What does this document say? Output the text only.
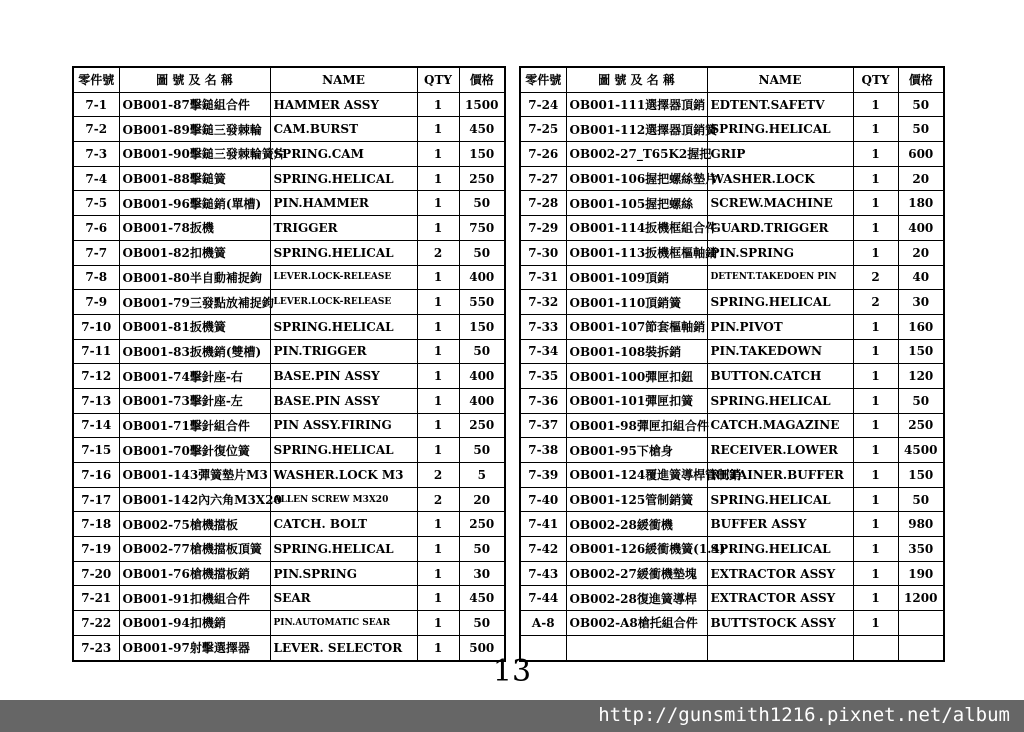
零件號	圖 號 及 名 稱	NAME	QTY	價格
7-1	OB001-87擊鎚組合件	HAMMER ASSY	1	1500
7-2	OB001-89擊鎚三發棘輪	CAM.BURST	1	450
7-3	OB001-90擊鎚三發棘輪簧片	SPRING.CAM	1	150
7-4	OB001-88擊鎚簧	SPRING.HELICAL	1	250
7-5	OB001-96擊鎚銷(單槽)	PIN.HAMMER	1	50
7-6	OB001-78扳機	TRIGGER	1	750
7-7	OB001-82扣機簧	SPRING.HELICAL	2	50
7-8	OB001-80半自動補捉鉤	LEVER.LOCK-RELEASE	1	400
7-9	OB001-79三發點放補捉鉤	LEVER.LOCK-RELEASE	1	550
7-10	OB001-81扳機簧	SPRING.HELICAL	1	150
7-11	OB001-83扳機銷(雙槽)	PIN.TRIGGER	1	50
7-12	OB001-74擊針座-右	BASE.PIN ASSY	1	400
7-13	OB001-73擊針座-左	BASE.PIN ASSY	1	400
7-14	OB001-71擊針組合件	PIN ASSY.FIRING	1	250
7-15	OB001-70擊針復位簧	SPRING.HELICAL	1	50
7-16	OB001-143彈簧墊片M3	WASHER.LOCK M3	2	5
7-17	OB001-142內六角M3X20	ALLEN SCREW M3X20	2	20
7-18	OB002-75槍機擋板	CATCH. BOLT	1	250
7-19	OB002-77槍機擋板頂簧	SPRING.HELICAL	1	50
7-20	OB001-76槍機擋板銷	PIN.SPRING	1	30
7-21	OB001-91扣機組合件	SEAR	1	450
7-22	OB001-94扣機銷	PIN.AUTOMATIC SEAR	1	50
7-23	OB001-97射擊選擇器	LEVER. SELECTOR	1	500
零件號	圖 號 及 名 稱	NAME	QTY	價格
7-24	OB001-111選擇器頂銷	EDTENT.SAFETV	1	50
7-25	OB001-112選擇器頂銷簧	SPRING.HELICAL	1	50
7-26	OB002-27_T65K2握把	GRIP	1	600
7-27	OB001-106握把螺絲墊片	WASHER.LOCK	1	20
7-28	OB001-105握把螺絲	SCREW.MACHINE	1	180
7-29	OB001-114扳機框組合件	GUARD.TRIGGER	1	400
7-30	OB001-113扳機框樞軸銷	PIN.SPRING	1	20
7-31	OB001-109頂銷	DETENT.TAKEDOEN PIN	2	40
7-32	OB001-110頂銷簧	SPRING.HELICAL	2	30
7-33	OB001-107節套樞軸銷	PIN.PIVOT	1	160
7-34	OB001-108裝拆銷	PIN.TAKEDOWN	1	150
7-35	OB001-100彈匣扣鈕	BUTTON.CATCH	1	120
7-36	OB001-101彈匣扣簧	SPRING.HELICAL	1	50
7-37	OB001-98彈匣扣組合件	CATCH.MAGAZINE	1	250
7-38	OB001-95下槍身	RECEIVER.LOWER	1	4500
7-39	OB001-124覆進簧導桿管制銷	RETAINER.BUFFER	1	150
7-40	OB001-125管制銷簧	SPRING.HELICAL	1	50
7-41	OB002-28緩衝機	BUFFER ASSY	1	980
7-42	OB001-126緩衝機簧(1.4)	SPRING.HELICAL	1	350
7-43	OB002-27緩衝機墊塊	EXTRACTOR ASSY	1	190
7-44	OB002-28復進簧導桿	EXTRACTOR ASSY	1	1200
A-8	OB002-A8槍托組合件	BUTTSTOCK ASSY	1	

13
http://gunsmith1216.pixnet.net/album
